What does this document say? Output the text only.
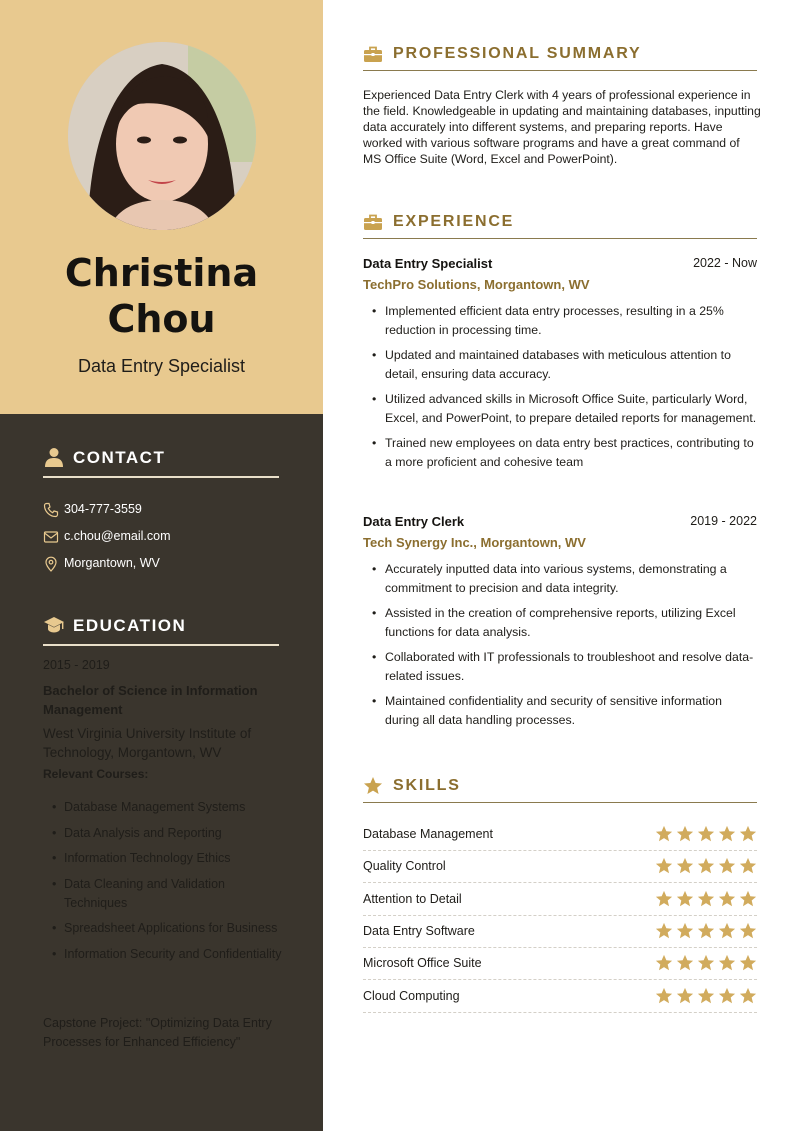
Christina
Chou
Data Entry Specialist
CONTACT
304-777-3559
c.chou@email.com
Morgantown, WV
EDUCATION
2015 - 2019
Bachelor of Science in Information Management
West Virginia University Institute of Technology, Morgantown, WV
Relevant Courses:
• Database Management Systems
• Data Analysis and Reporting
• Information Technology Ethics
• Data Cleaning and Validation Techniques
• Spreadsheet Applications for Business
• Information Security and Confidentiality
Capstone Project: "Optimizing Data Entry Processes for Enhanced Efficiency"
PROFESSIONAL SUMMARY
Experienced Data Entry Clerk with 4 years of professional experience in the field. Knowledgeable in updating and maintaining databases, inputting data accurately into different systems, and preparing reports. Have worked with various software programs and have a great command of MS Office Suite (Word, Excel and PowerPoint).
EXPERIENCE
Data Entry Specialist	2022 - Now
TechPro Solutions, Morgantown, WV
• Implemented efficient data entry processes, resulting in a 25% reduction in processing time.
• Updated and maintained databases with meticulous attention to detail, ensuring data accuracy.
• Utilized advanced skills in Microsoft Office Suite, particularly Word, Excel, and PowerPoint, to prepare detailed reports for management.
• Trained new employees on data entry best practices, contributing to a more proficient and cohesive team
Data Entry Clerk	2019 - 2022
Tech Synergy Inc., Morgantown, WV
• Accurately inputted data into various systems, demonstrating a commitment to precision and data integrity.
• Assisted in the creation of comprehensive reports, utilizing Excel functions for data analysis.
• Collaborated with IT professionals to troubleshoot and resolve data-related issues.
• Maintained confidentiality and security of sensitive information during all data handling processes.
SKILLS
Database Management
Quality Control
Attention to Detail
Data Entry Software
Microsoft Office Suite
Cloud Computing
